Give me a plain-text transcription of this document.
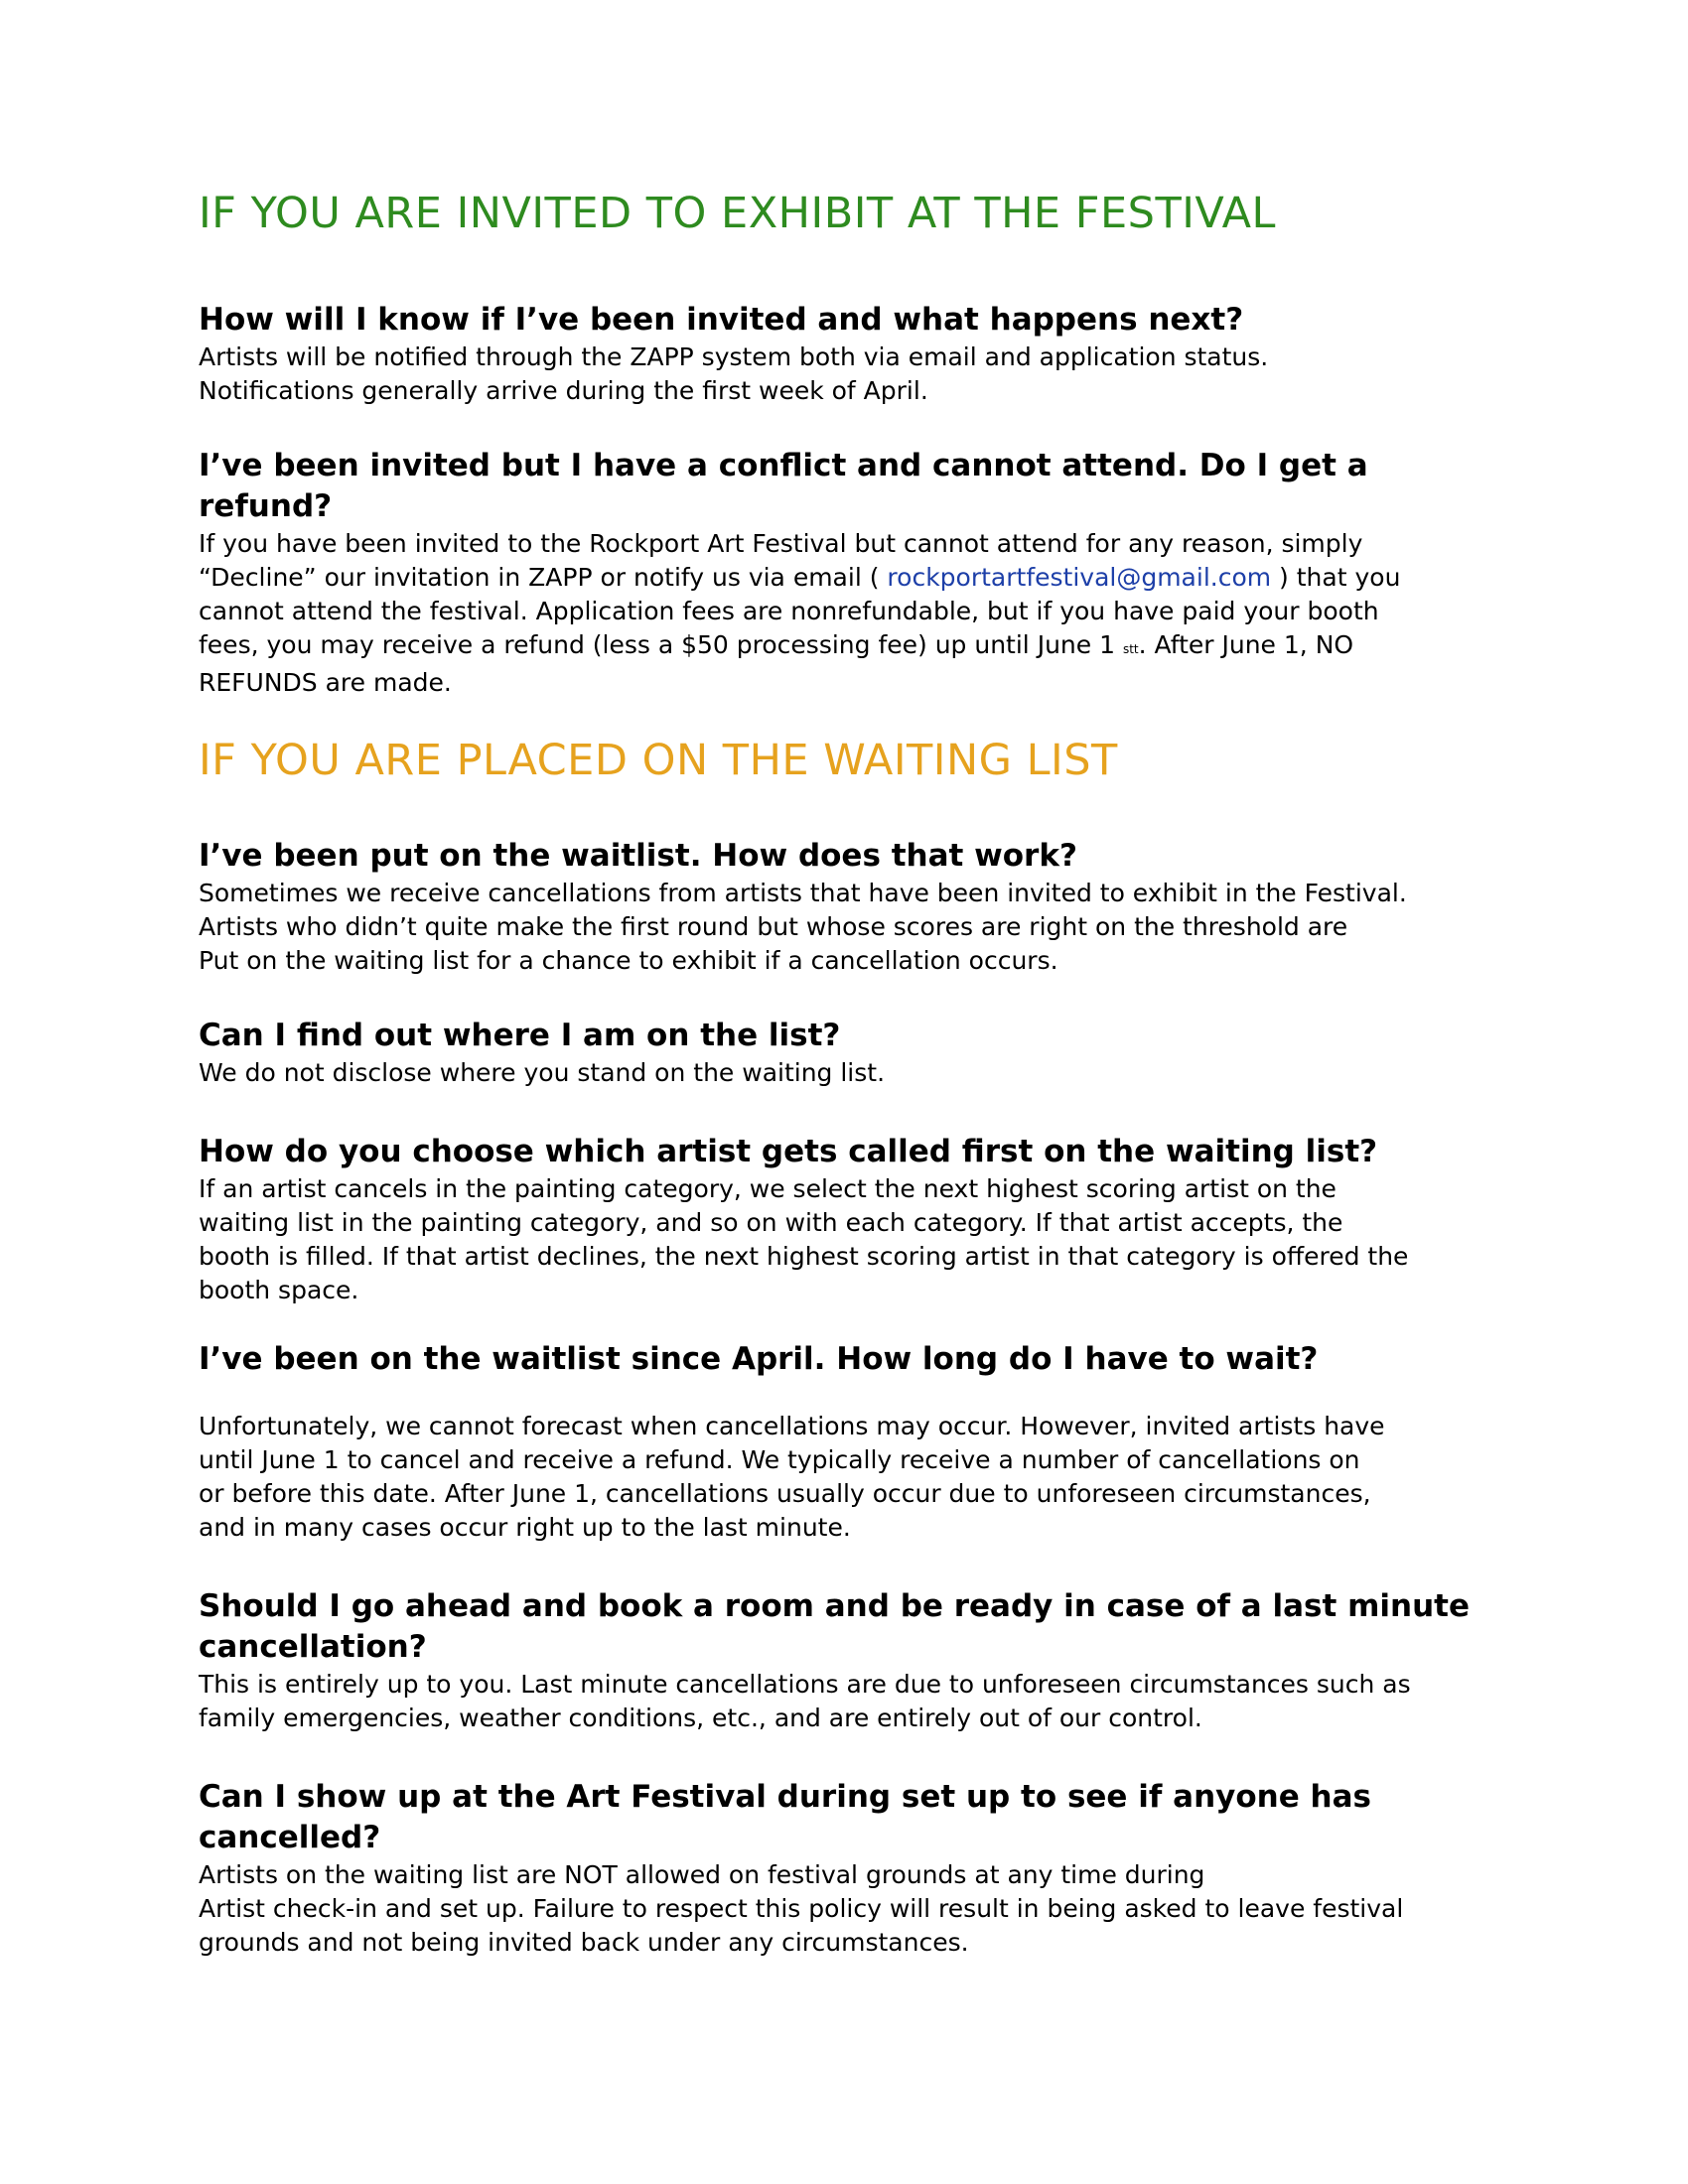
IF YOU ARE INVITED TO EXHIBIT AT THE FESTIVAL

How will I know if I’ve been invited and what happens next?

Artists will be notified through the ZAPP system both via email and application status.

Notifications generally arrive during the first week of April.

I’ve been invited but I have a conflict and cannot attend. Do I get a refund?

If you have been invited to the Rockport Art Festival but cannot attend for any reason, simply

“Decline” our invitation in ZAPP or notify us via email ( rockportartfestival@gmail.com ) that you

cannot attend the festival. Application fees are nonrefundable, but if you have paid your booth

fees, you may receive a refund (less a $50 processing fee) up until June 1 stt. After June 1, NO

REFUNDS are made.

IF YOU ARE PLACED ON THE WAITING LIST

I’ve been put on the waitlist. How does that work?

Sometimes we receive cancellations from artists that have been invited to exhibit in the Festival.

Artists who didn’t quite make the first round but whose scores are right on the threshold are

Put on the waiting list for a chance to exhibit if a cancellation occurs.

Can I find out where I am on the list?

We do not disclose where you stand on the waiting list.

How do you choose which artist gets called first on the waiting list?

If an artist cancels in the painting category, we select the next highest scoring artist on the

waiting list in the painting category, and so on with each category. If that artist accepts, the

booth is filled. If that artist declines, the next highest scoring artist in that category is offered the

booth space.

I’ve been on the waitlist since April. How long do I have to wait?

Unfortunately, we cannot forecast when cancellations may occur. However, invited artists have

until June 1 to cancel and receive a refund. We typically receive a number of cancellations on

or before this date. After June 1, cancellations usually occur due to unforeseen circumstances,

and in many cases occur right up to the last minute.

Should I go ahead and book a room and be ready in case of a last minute

cancellation?

This is entirely up to you. Last minute cancellations are due to unforeseen circumstances such as

family emergencies, weather conditions, etc., and are entirely out of our control.

Can I show up at the Art Festival during set up to see if anyone has

cancelled?

Artists on the waiting list are NOT allowed on festival grounds at any time during

Artist check-in and set up. Failure to respect this policy will result in being asked to leave festival

grounds and not being invited back under any circumstances.
